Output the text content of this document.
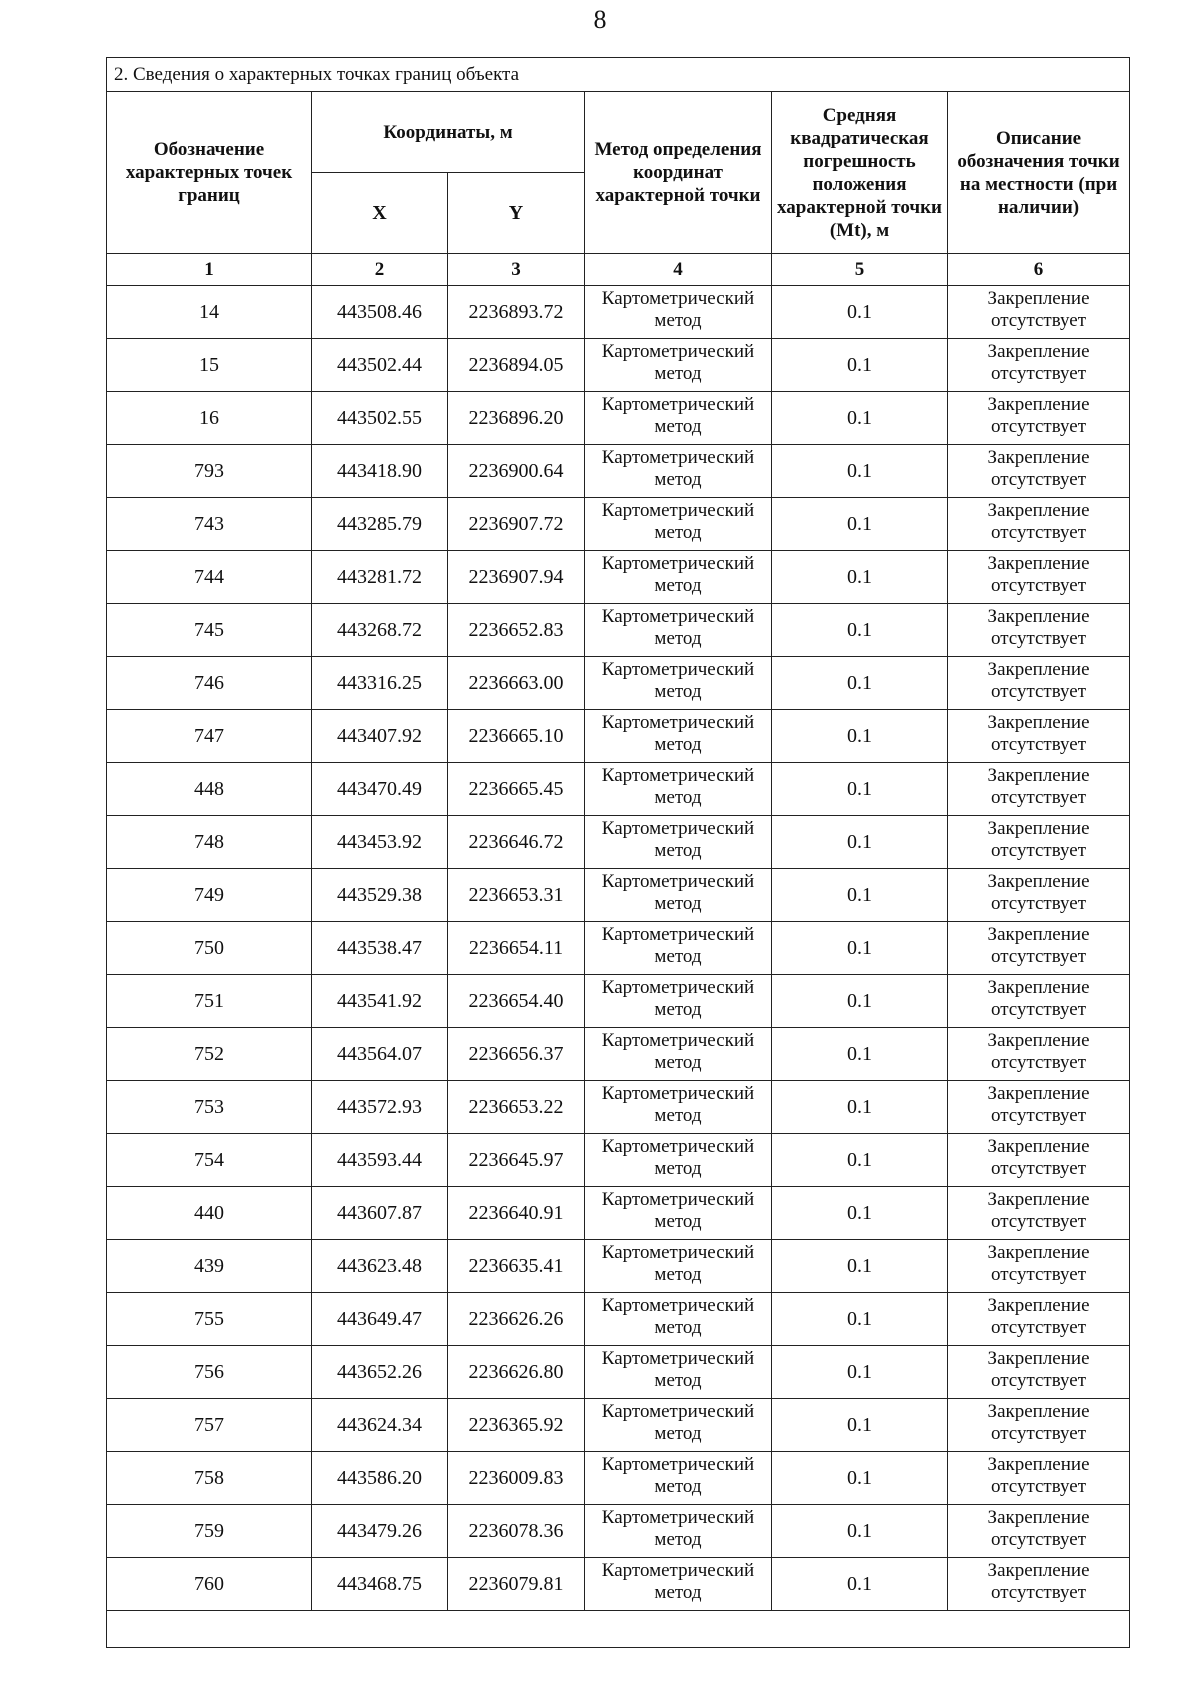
8
2. Сведения о характерных точках границ объекта					
Обозначение характерных точек границ	Координаты, м		Метод определения координат характерной точки	Средняя квадратическая погрешность положения характерной точки (Mt), м	Описание обозначения точки на местности (при наличии)
	X	Y			
1	2	3	4	5	6
14	443508.46	2236893.72	Картометрический метод	0.1	Закрепление отсутствует
15	443502.44	2236894.05	Картометрический метод	0.1	Закрепление отсутствует
16	443502.55	2236896.20	Картометрический метод	0.1	Закрепление отсутствует
793	443418.90	2236900.64	Картометрический метод	0.1	Закрепление отсутствует
743	443285.79	2236907.72	Картометрический метод	0.1	Закрепление отсутствует
744	443281.72	2236907.94	Картометрический метод	0.1	Закрепление отсутствует
745	443268.72	2236652.83	Картометрический метод	0.1	Закрепление отсутствует
746	443316.25	2236663.00	Картометрический метод	0.1	Закрепление отсутствует
747	443407.92	2236665.10	Картометрический метод	0.1	Закрепление отсутствует
448	443470.49	2236665.45	Картометрический метод	0.1	Закрепление отсутствует
748	443453.92	2236646.72	Картометрический метод	0.1	Закрепление отсутствует
749	443529.38	2236653.31	Картометрический метод	0.1	Закрепление отсутствует
750	443538.47	2236654.11	Картометрический метод	0.1	Закрепление отсутствует
751	443541.92	2236654.40	Картометрический метод	0.1	Закрепление отсутствует
752	443564.07	2236656.37	Картометрический метод	0.1	Закрепление отсутствует
753	443572.93	2236653.22	Картометрический метод	0.1	Закрепление отсутствует
754	443593.44	2236645.97	Картометрический метод	0.1	Закрепление отсутствует
440	443607.87	2236640.91	Картометрический метод	0.1	Закрепление отсутствует
439	443623.48	2236635.41	Картометрический метод	0.1	Закрепление отсутствует
755	443649.47	2236626.26	Картометрический метод	0.1	Закрепление отсутствует
756	443652.26	2236626.80	Картометрический метод	0.1	Закрепление отсутствует
757	443624.34	2236365.92	Картометрический метод	0.1	Закрепление отсутствует
758	443586.20	2236009.83	Картометрический метод	0.1	Закрепление отсутствует
759	443479.26	2236078.36	Картометрический метод	0.1	Закрепление отсутствует
760	443468.75	2236079.81	Картометрический метод	0.1	Закрепление отсутствует
